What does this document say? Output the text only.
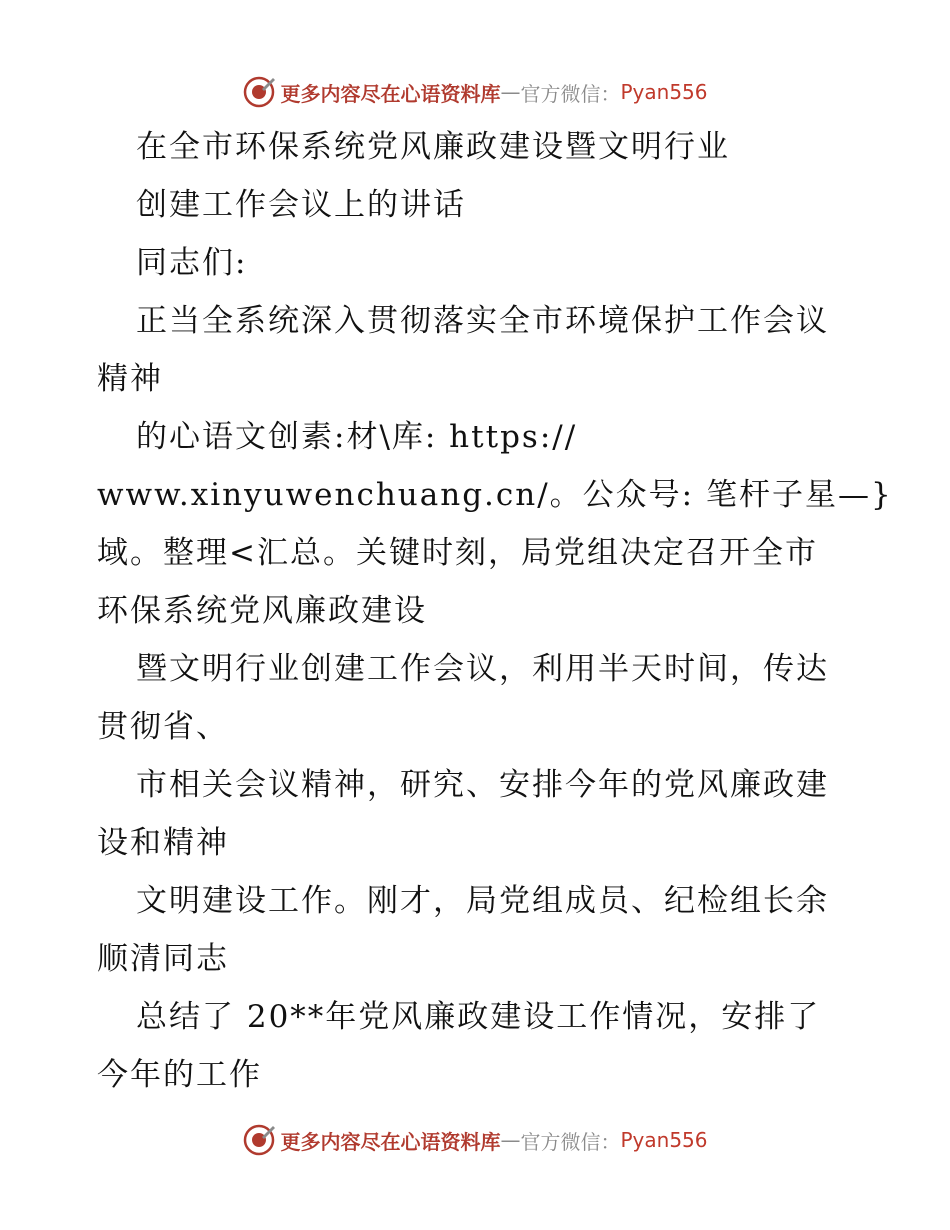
更多内容尽在心语资料库 — 官方微信： Pyan556
在全市环保系统党风廉政建设暨文明行业
创建工作会议上的讲话
同志们:
正当全系统深入贯彻落实全市环境保护工作会议
精神
的心语文创素:材\库: https://
www.xinyuwenchuang.cn/。公众号: 笔杆子星—}
域。整理<汇总。关键时刻，局党组决定召开全市
环保系统党风廉政建设
暨文明行业创建工作会议，利用半天时间，传达
贯彻省、
市相关会议精神，研究、安排今年的党风廉政建
设和精神
文明建设工作。刚才，局党组成员、纪检组长余
顺清同志
总结了 20**年党风廉政建设工作情况，安排了
今年的工作
更多内容尽在心语资料库 — 官方微信： Pyan556
